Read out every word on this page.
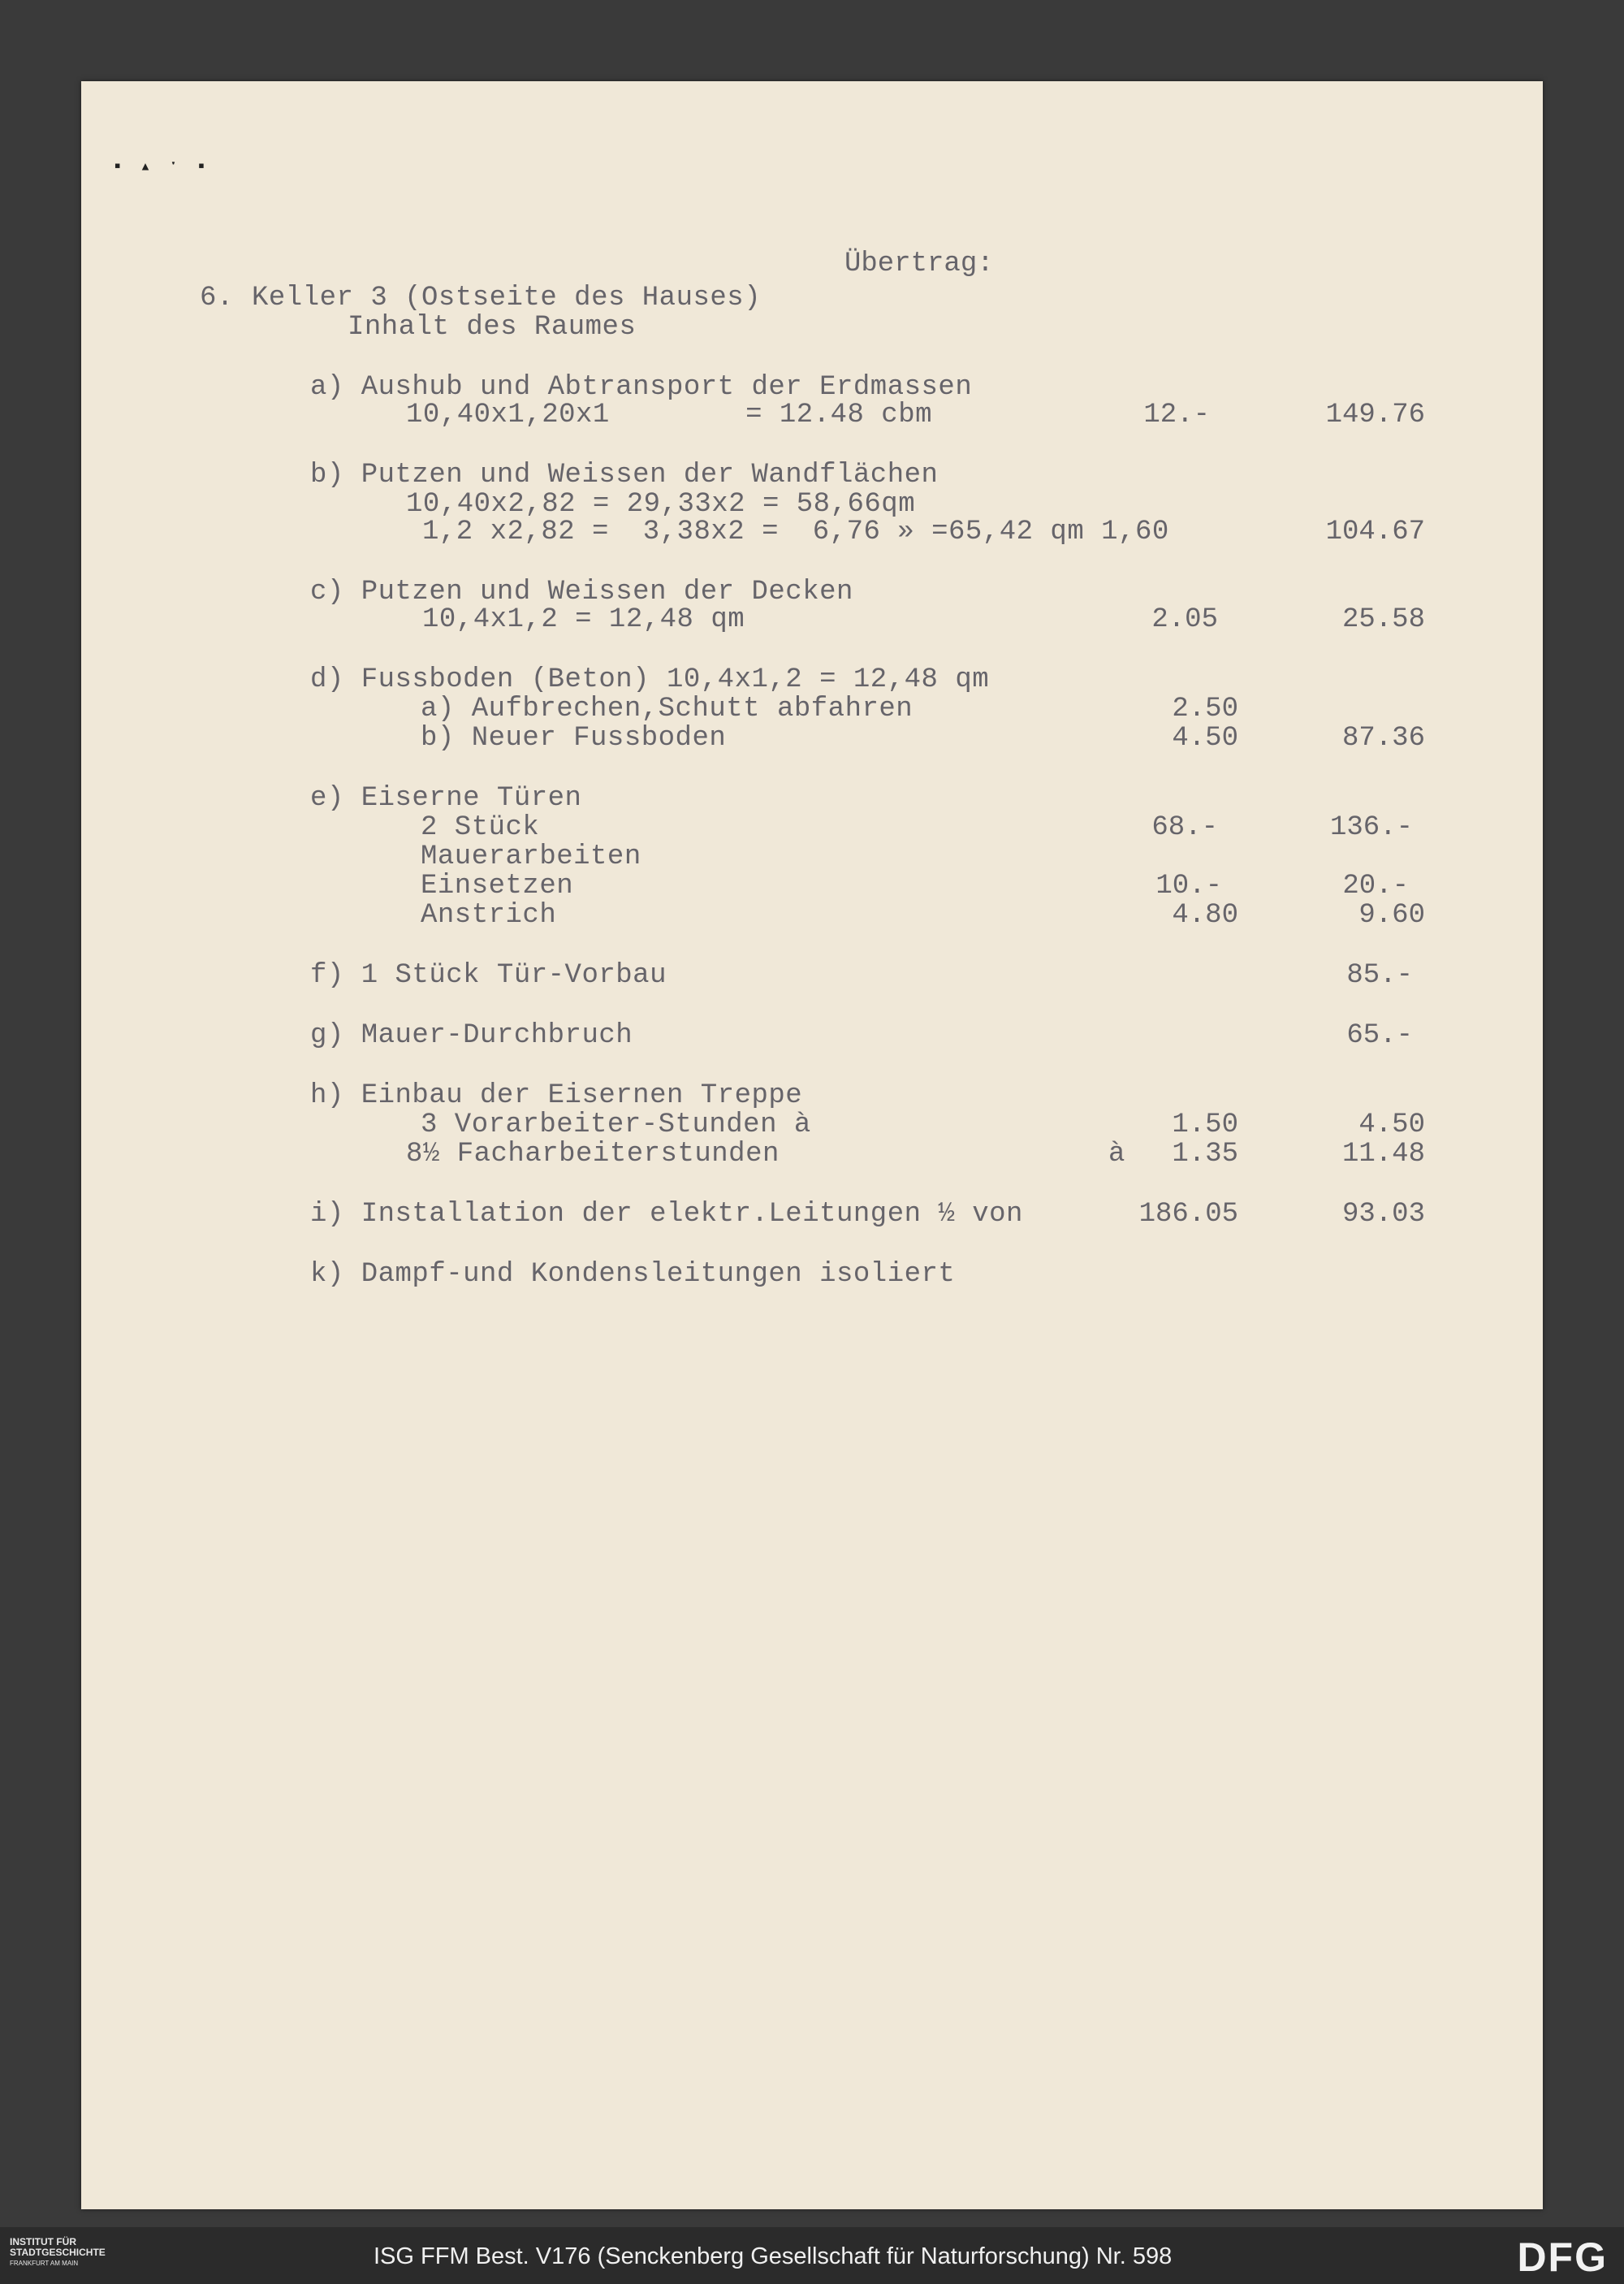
▪ ▴ ˑ ▪

Übertrag:

6. Keller 3 (Ostseite des Hauses)
Inhalt des Raumes
a) Aushub und Abtransport der Erdmassen
10,40x1,20x1        = 12.48 cbm	12.-	149.76
b) Putzen und Weissen der Wandflächen
10,40x2,82 = 29,33x2 = 58,66qm
1,2 x2,82 =  3,38x2 =  6,76 » =65,42 qm 1,60	104.67
c) Putzen und Weissen der Decken
10,4x1,2 = 12,48 qm	2.05	25.58
d) Fussboden (Beton) 10,4x1,2 = 12,48 qm
a) Aufbrechen,Schutt abfahren	2.50
b) Neuer Fussboden	4.50	87.36
e) Eiserne Türen
2 Stück	68.-	136.-
Mauerarbeiten
Einsetzen	10.-	20.-
Anstrich	4.80	9.60
f) 1 Stück Tür-Vorbau	85.-
g) Mauer-Durchbruch	65.-
h) Einbau der Eisernen Treppe
3 Vorarbeiter-Stunden à	1.50	4.50
8½ Facharbeiterstunden	à	1.35	11.48
i) Installation der elektr.Leitungen ½ von	186.05	93.03
k) Dampf-und Kondensleitungen isoliert
INSTITUT FÜR
STADTGESCHICHTE
FRANKFURT AM MAIN	ISG FFM Best. V176 (Senckenberg Gesellschaft für Naturforschung) Nr. 598	DFG
